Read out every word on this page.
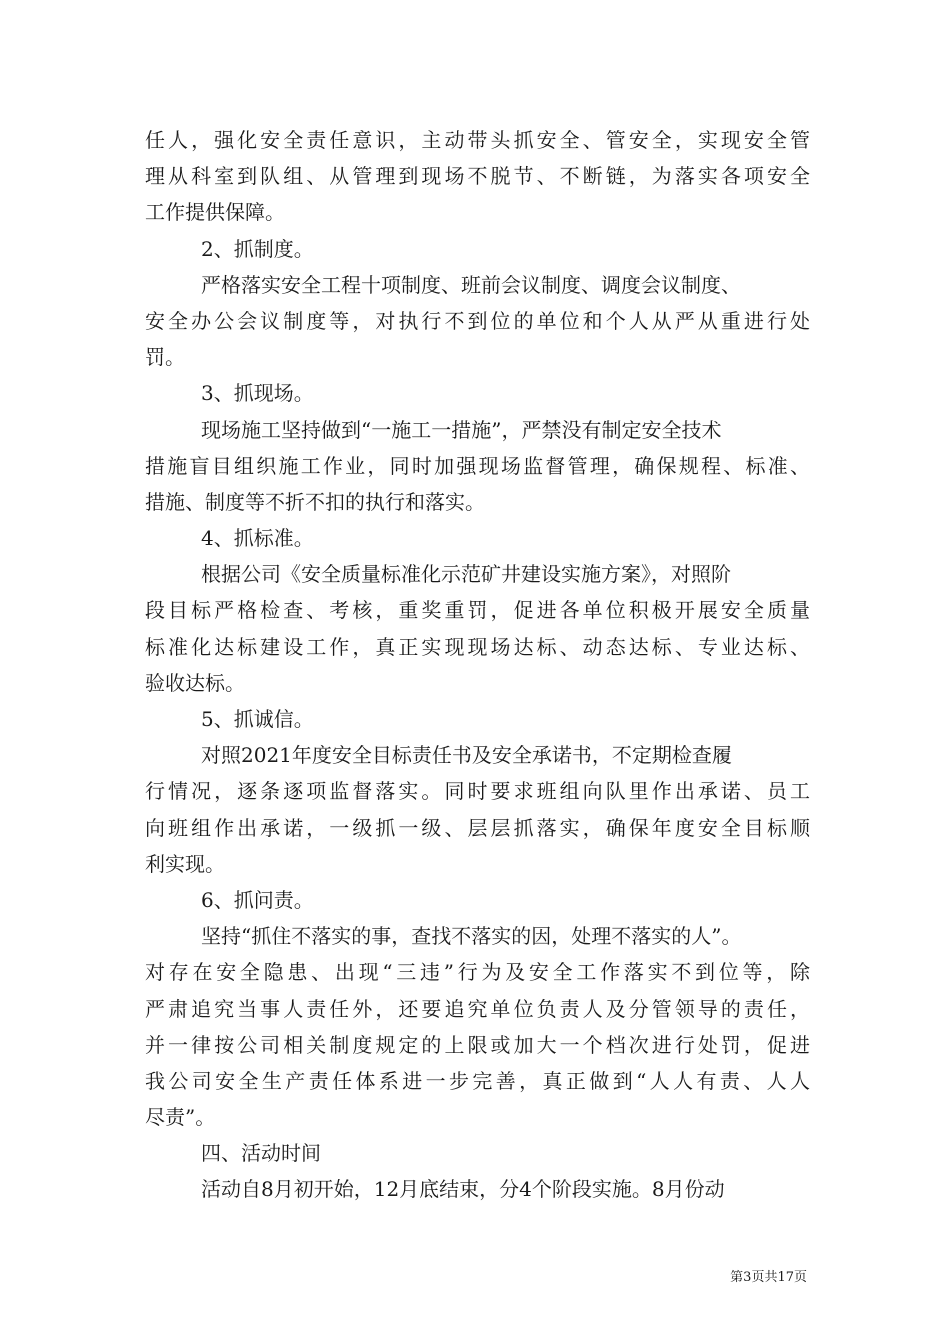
任人，强化安全责任意识，主动带头抓安全、管安全，实现安全管
理从科室到队组、从管理到现场不脱节、不断链，为落实各项安全
工作提供保障。
2、抓制度。
严格落实安全工程十项制度、班前会议制度、调度会议制度、
安全办公会议制度等，对执行不到位的单位和个人从严从重进行处
罚。
3、抓现场。
现场施工坚持做到“一施工一措施”，严禁没有制定安全技术
措施盲目组织施工作业，同时加强现场监督管理，确保规程、标准、
措施、制度等不折不扣的执行和落实。
4、抓标准。
根据公司《安全质量标准化示范矿井建设实施方案》，对照阶
段目标严格检查、考核，重奖重罚，促进各单位积极开展安全质量
标准化达标建设工作，真正实现现场达标、动态达标、专业达标、
验收达标。
5、抓诚信。
对照2021年度安全目标责任书及安全承诺书，不定期检查履
行情况，逐条逐项监督落实。同时要求班组向队里作出承诺、员工
向班组作出承诺，一级抓一级、层层抓落实，确保年度安全目标顺
利实现。
6、抓问责。
坚持“抓住不落实的事，查找不落实的因，处理不落实的人”。
对存在安全隐患、出现“三违”行为及安全工作落实不到位等，除
严肃追究当事人责任外，还要追究单位负责人及分管领导的责任，
并一律按公司相关制度规定的上限或加大一个档次进行处罚，促进
我公司安全生产责任体系进一步完善，真正做到“人人有责、人人
尽责”。
四、活动时间
活动自8月初开始，12月底结束，分4个阶段实施。8月份动
第3页共17页
